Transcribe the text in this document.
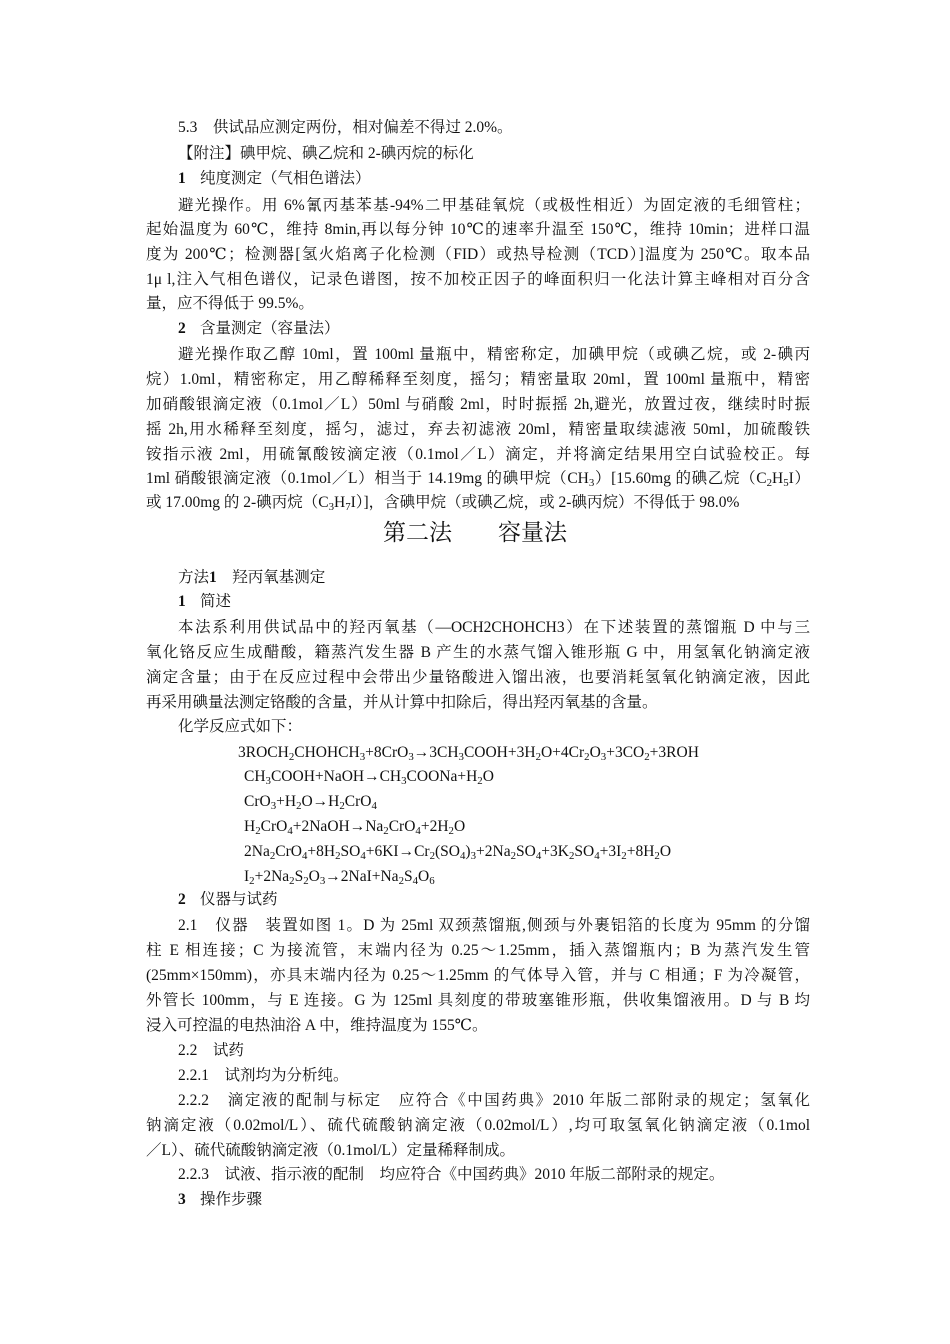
5.3　供试品应测定两份，相对偏差不得过 2.0%。
【附注】碘甲烷、碘乙烷和 2-碘丙烷的标化
1 纯度测定（气相色谱法）
避光操作。用 6%氰丙基苯基-94%二甲基硅氧烷（或极性相近）为固定液的毛细管柱；
起始温度为 60℃，维持 8min,再以每分钟 10℃的速率升温至 150℃，维持 10min；进样口温
度为 200℃；检测器[氢火焰离子化检测（FID）或热导检测（TCD）]温度为 250℃。取本品
1μ l,注入气相色谱仪，记录色谱图，按不加校正因子的峰面积归一化法计算主峰相对百分含
量，应不得低于 99.5%。
2 含量测定（容量法）
避光操作取乙醇 10ml，置 100ml 量瓶中，精密称定，加碘甲烷（或碘乙烷，或 2-碘丙
烷）1.0ml，精密称定，用乙醇稀释至刻度，摇匀；精密量取 20ml，置 100ml 量瓶中，精密
加硝酸银滴定液（0.1mol／L）50ml 与硝酸 2ml，时时振摇 2h,避光，放置过夜，继续时时振
摇 2h,用水稀释至刻度，摇匀，滤过，弃去初滤液 20ml，精密量取续滤液 50ml，加硫酸铁
铵指示液 2ml，用硫氰酸铵滴定液（0.1mol／L）滴定，并将滴定结果用空白试验校正。每
1ml 硝酸银滴定液（0.1mol／L）相当于 14.19mg 的碘甲烷$(CH_3)[15.60mg$ 的碘乙烷$(C_2H_5I)$
或 17.00mg 的 2-碘丙烷$(C_3H_7I)$]，含碘甲烷（或碘乙烷，或 2-碘丙烷）不得低于 98.0%
第二法　　容量法
方法1　羟丙氧基测定
1 简述
本法系利用供试品中的羟丙氧基（—OCH2CHOHCH3）在下述装置的蒸馏瓶 D 中与三
氧化铬反应生成醋酸，籍蒸汽发生器 B 产生的水蒸气馏入锥形瓶 G 中，用氢氧化钠滴定液
滴定含量；由于在反应过程中会带出少量铬酸进入馏出液，也要消耗氢氧化钠滴定液，因此
再采用碘量法测定铬酸的含量，并从计算中扣除后，得出羟丙氧基的含量。
化学反应式如下：
$3ROCH_2CHOHCH_3+8CrO_3\to 3CH_3COOH+3H_2O+4Cr_2O_3+3CO_2+3ROH$
$CH_3COOH+NaOH\to CH_3COONa+H_2O$
$CrO_3+H_2O\to H_2CrO_4$
$H_2CrO_4+2NaOH\to Na_2CrO_4+2H_2O$
$2Na_2CrO_4+8H_2SO_4+6KI\to Cr_2(SO_4)_3+2Na_2SO_4+3K_2SO_4+3I_2+8H_2O$
$I_2+2Na_2S_2O_3\to 2NaI+Na_2S_4O_6$
2 仪器与试药
2.1　仪器　装置如图 1。D 为 25ml 双颈蒸馏瓶,侧颈与外裹铝箔的长度为 95mm 的分馏
柱 E 相连接；C 为接流管，末端内径为 0.25～1.25mm，插入蒸馏瓶内；B 为蒸汽发生管
(25mm×150mm)，亦具末端内径为 0.25～1.25mm 的气体导入管，并与 C 相通；F 为冷凝管，
外管长 100mm，与 E 连接。G 为 125ml 具刻度的带玻塞锥形瓶，供收集馏液用。D 与 B 均
浸入可控温的电热油浴 A 中，维持温度为 155℃。
2.2　试药
2.2.1　试剂均为分析纯。
2.2.2　滴定液的配制与标定　应符合《中国药典》2010 年版二部附录的规定；氢氧化
钠滴定液（0.02mol/L）、硫代硫酸钠滴定液（0.02mol/L）,均可取氢氧化钠滴定液（0.1mol
／L）、硫代硫酸钠滴定液（0.1mol/L）定量稀释制成。
2.2.3　试液、指示液的配制　均应符合《中国药典》2010 年版二部附录的规定。
3 操作步骤
